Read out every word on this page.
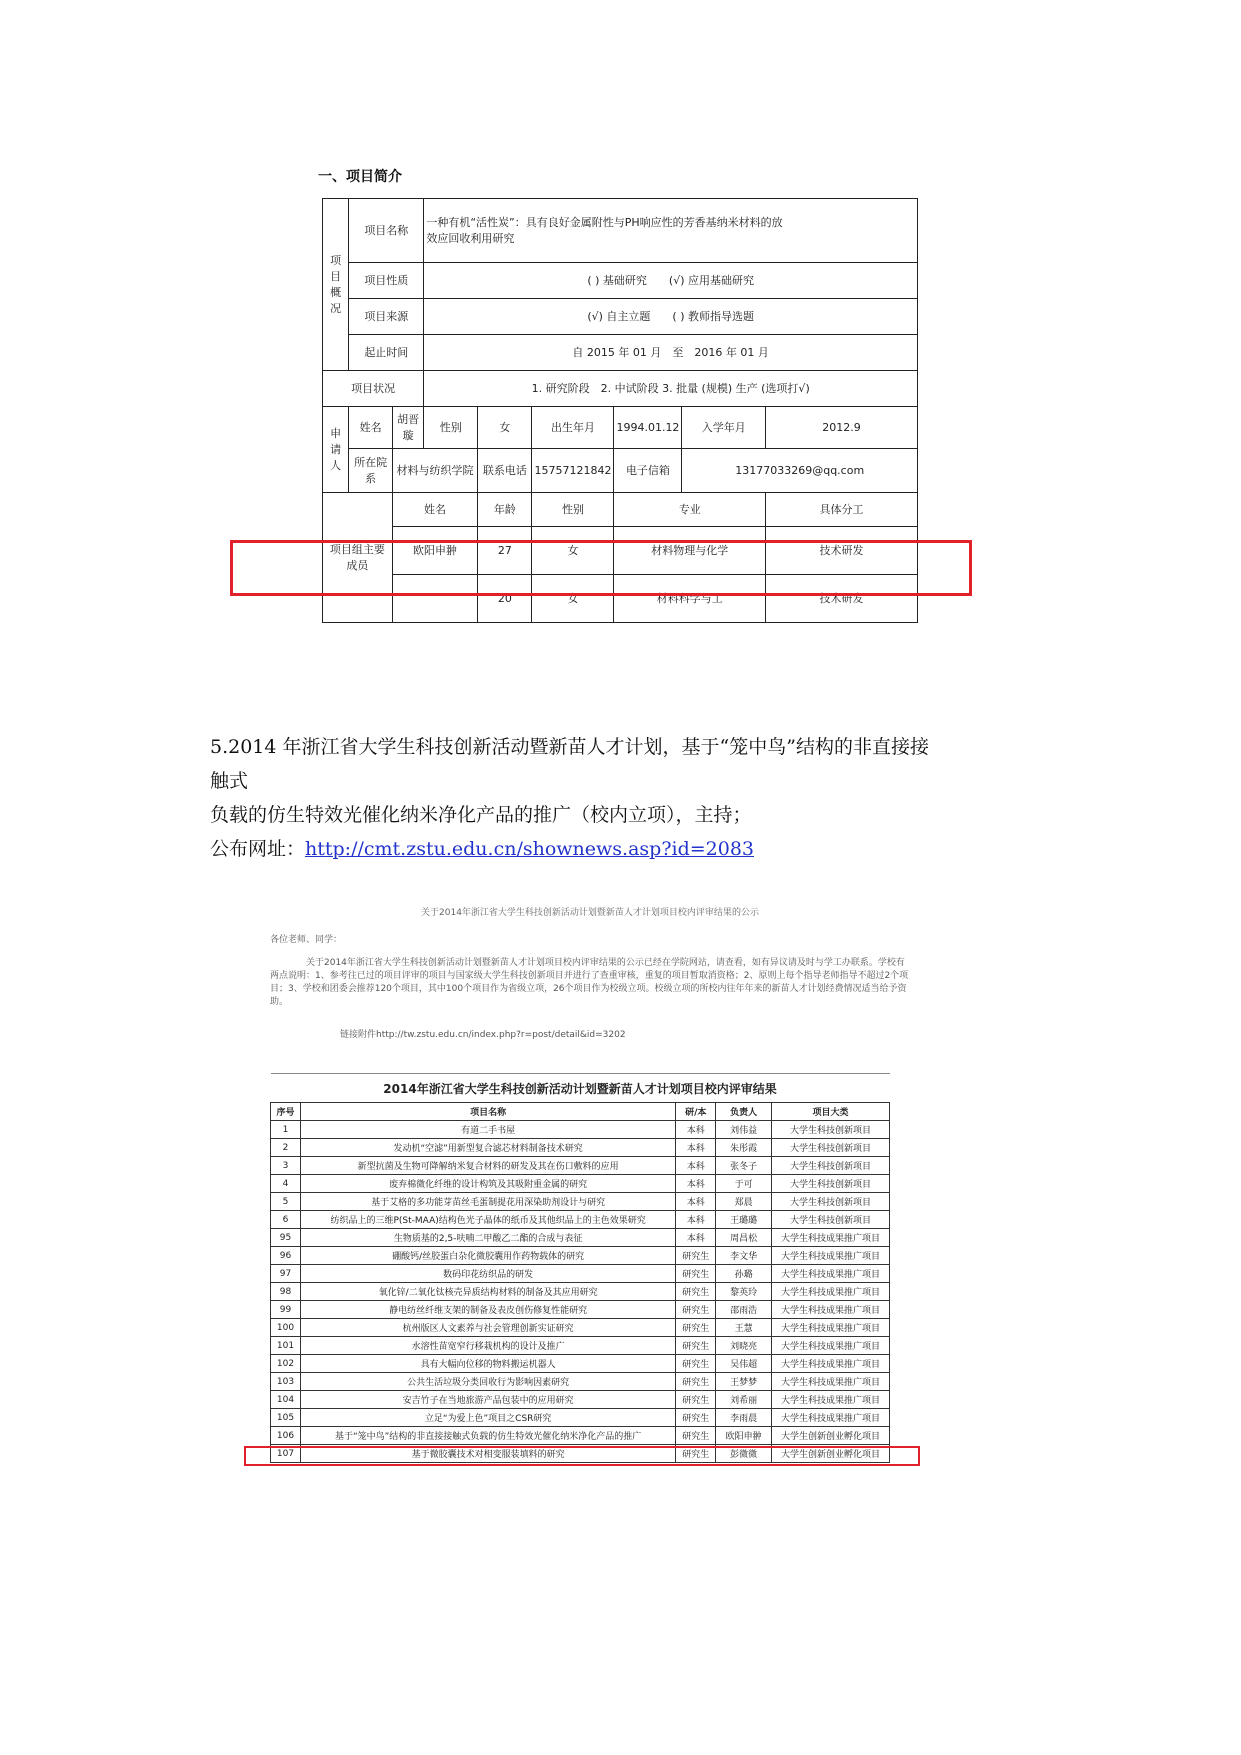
一、项目简介
项目概况	项目名称		一种有机“活性炭”：具有良好金属附性与PH响应性的芳香基纳米材料的放
效应回收利用研究					

	项目性质		( ) 基础研究　　(√) 应用基础研究					
	项目来源		(√) 自主立题　　( ) 教师指导选题					
	起止时间		自 2015 年 01 月　至　2016 年 01 月					
项目状况			1. 研究阶段　2. 中试阶段 3. 批量 (规模) 生产 (选项打√)					
申请人	姓名	胡晋璇	性别	女	出生年月	1994.01.12	入学年月	2012.9
	所在院系	材料与纺织学院		联系电话	15757121842	电子信箱	13177033269@qq.com	
项目组主要成员		姓名		年龄	性别	专业		具体分工
		欧阳申翀		27	女	材料物理与化学		技术研发
				20	女	材料科学与工		技术研发
5.2014 年浙江省大学生科技创新活动暨新苗人才计划，基于“笼中鸟”结构的非直接接
触式
负载的仿生特效光催化纳米净化产品的推广（校内立项），主持；
公布网址：http://cmt.zstu.edu.cn/shownews.asp?id=2083
关于2014年浙江省大学生科技创新活动计划暨新苗人才计划项目校内评审结果的公示
各位老师、同学：
关于2014年浙江省大学生科技创新活动计划暨新苗人才计划项目校内评审结果的公示已经在学院网站，请查看，如有异议请及时与学工办联系。学校有两点说明：1、参考往已过的项目评审的项目与国家级大学生科技创新项目并进行了查重审核，重复的项目暂取消资格；2、原则上每个指导老师指导不超过2个项目；3、学校和团委会推荐120个项目，其中100个项目作为省级立项，26个项目作为校级立项。校级立项的所校内往年年来的新苗人才计划经费情况适当给予资助。
链接附件http://tw.zstu.edu.cn/index.php?r=post/detail&id=3202
2014年浙江省大学生科技创新活动计划暨新苗人才计划项目校内评审结果				
序号	项目名称	研/本	负责人	项目大类
1	有道二手书屋	本科	刘伟益	大学生科技创新项目
2	发动机“空滤”用新型复合滤芯材料制备技术研究	本科	朱彤霞	大学生科技创新项目
3	新型抗菌及生物可降解纳米复合材料的研发及其在伤口敷料的应用	本科	张冬子	大学生科技创新项目
4	废弃棉微化纤维的设计构筑及其吸附重金属的研究	本科	于可	大学生科技创新项目
5	基于艾格的多功能芽苗丝毛蛋制提花用深染助剂设计与研究	本科	郑晨	大学生科技创新项目
6	纺织品上的三维P(St-MAA)结构色光子晶体的纸币及其他织品上的主色效果研究	本科	王璐璐	大学生科技创新项目
95	生物质基的2,5-呋喃二甲酸乙二酯的合成与表征	本科	周昌松	大学生科技成果推广项目
96	硼酸钙/丝胶蛋白杂化微胶囊用作药物载体的研究	研究生	李文华	大学生科技成果推广项目
97	数码印花纺织品的研发	研究生	孙璐	大学生科技成果推广项目
98	氧化锌/二氧化钛核壳异质结构材料的制备及其应用研究	研究生	黎英玲	大学生科技成果推广项目
99	静电纺丝纤维支架的制备及表皮创伤修复性能研究	研究生	邵雨浩	大学生科技成果推广项目
100	杭州版区人文素养与社会管理创新实证研究	研究生	王慧	大学生科技成果推广项目
101	水溶性苗宽窄行移栽机构的设计及推广	研究生	刘晓亮	大学生科技成果推广项目
102	具有大幅向位移的物料搬运机器人	研究生	吴伟超	大学生科技成果推广项目
103	公共生活垃圾分类回收行为影响因素研究	研究生	王梦梦	大学生科技成果推广项目
104	安吉竹子在当地旅游产品包装中的应用研究	研究生	刘希丽	大学生科技成果推广项目
105	立足“为爱上色”项目之CSR研究	研究生	李雨晨	大学生科技成果推广项目
106	基于“笼中鸟”结构的非直接接触式负载的仿生特效光催化纳米净化产品的推广	研究生	欧阳申翀	大学生创新创业孵化项目
107	基于微胶囊技术对相变服装填料的研究	研究生	彭微微	大学生创新创业孵化项目
